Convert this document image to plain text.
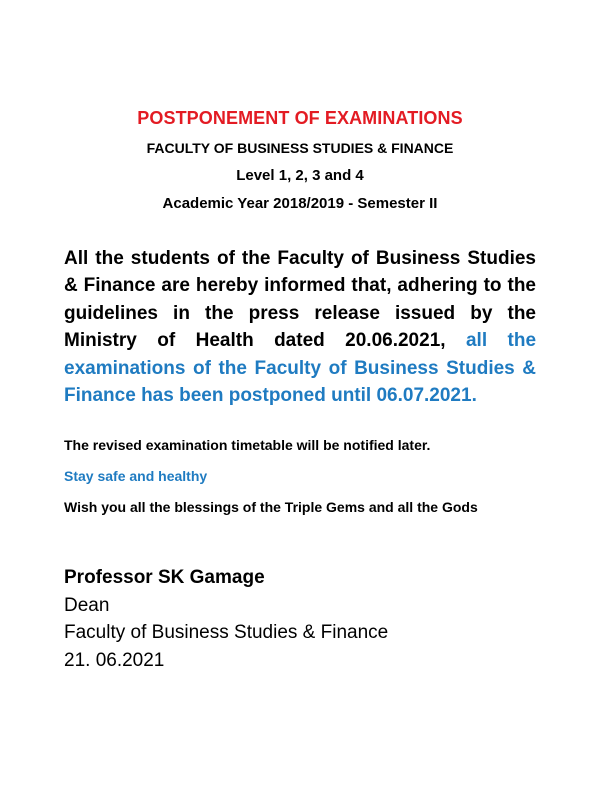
POSTPONEMENT OF EXAMINATIONS
FACULTY OF BUSINESS STUDIES & FINANCE
Level 1, 2, 3 and 4
Academic Year 2018/2019 - Semester II
All the students of the Faculty of Business Studies & Finance are hereby informed that, adhering to the guidelines in the press release issued by the Ministry of Health dated 20.06.2021, all the examinations of the Faculty of Business Studies & Finance has been postponed until 06.07.2021.
The revised examination timetable will be notified later.
Stay safe and healthy
Wish you all the blessings of the Triple Gems and all the Gods
Professor SK Gamage
Dean
Faculty of Business Studies & Finance
21. 06.2021
